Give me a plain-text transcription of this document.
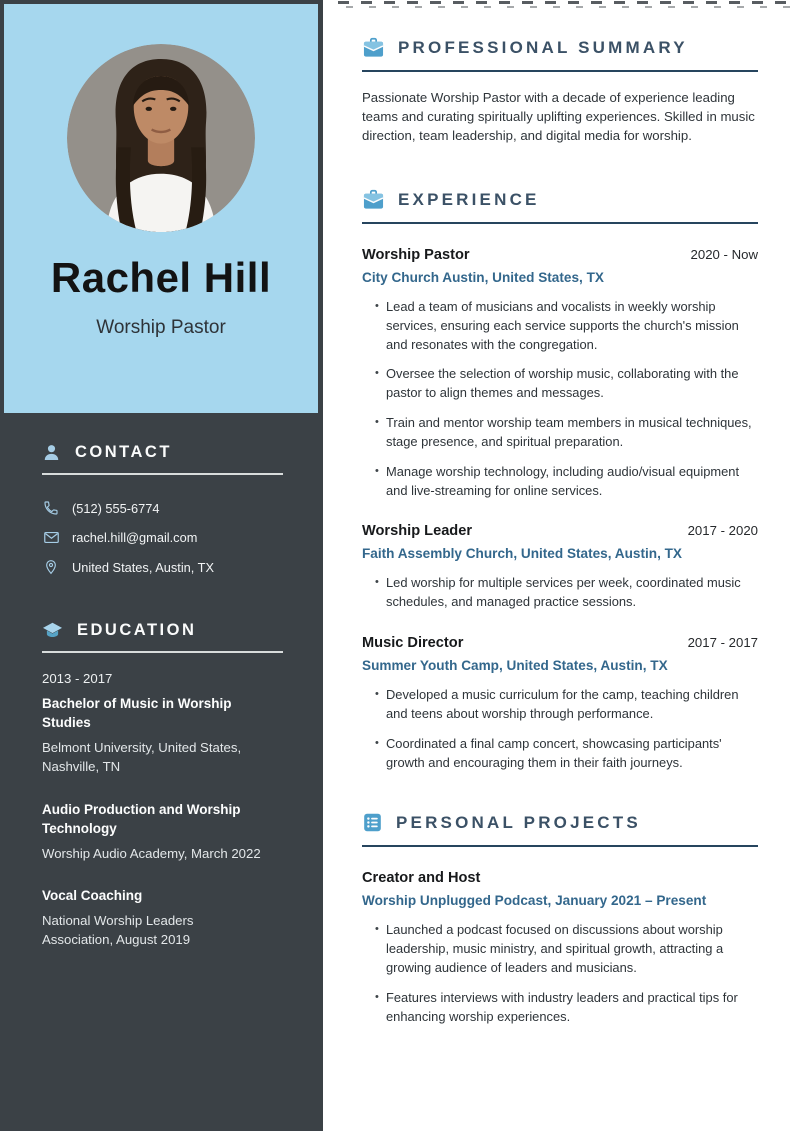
Rachel Hill
Worship Pastor
CONTACT
(512) 555-6774
rachel.hill@gmail.com
United States, Austin, TX
EDUCATION
2013 - 2017
Bachelor of Music in Worship Studies
Belmont University, United States, Nashville, TN
Audio Production and Worship Technology
Worship Audio Academy, March 2022
Vocal Coaching
National Worship Leaders Association, August 2019
PROFESSIONAL SUMMARY

Passionate Worship Pastor with a decade of experience leading teams and curating spiritually uplifting experiences. Skilled in music direction, team leadership, and digital media for worship.

EXPERIENCE
Worship Pastor	2020 - Now
City Church Austin, United States, TX
• Lead a team of musicians and vocalists in weekly worship services, ensuring each service supports the church's mission and resonates with the congregation.
• Oversee the selection of worship music, collaborating with the pastor to align themes and messages.
• Train and mentor worship team members in musical techniques, stage presence, and spiritual preparation.
• Manage worship technology, including audio/visual equipment and live-streaming for online services.
Worship Leader	2017 - 2020
Faith Assembly Church, United States, Austin, TX
• Led worship for multiple services per week, coordinated music schedules, and managed practice sessions.
Music Director	2017 - 2017
Summer Youth Camp, United States, Austin, TX
• Developed a music curriculum for the camp, teaching children and teens about worship through performance.
• Coordinated a final camp concert, showcasing participants' growth and encouraging them in their faith journeys.
PERSONAL PROJECTS
Creator and Host
Worship Unplugged Podcast, January 2021 – Present
• Launched a podcast focused on discussions about worship leadership, music ministry, and spiritual growth, attracting a growing audience of leaders and musicians.
• Features interviews with industry leaders and practical tips for enhancing worship experiences.
